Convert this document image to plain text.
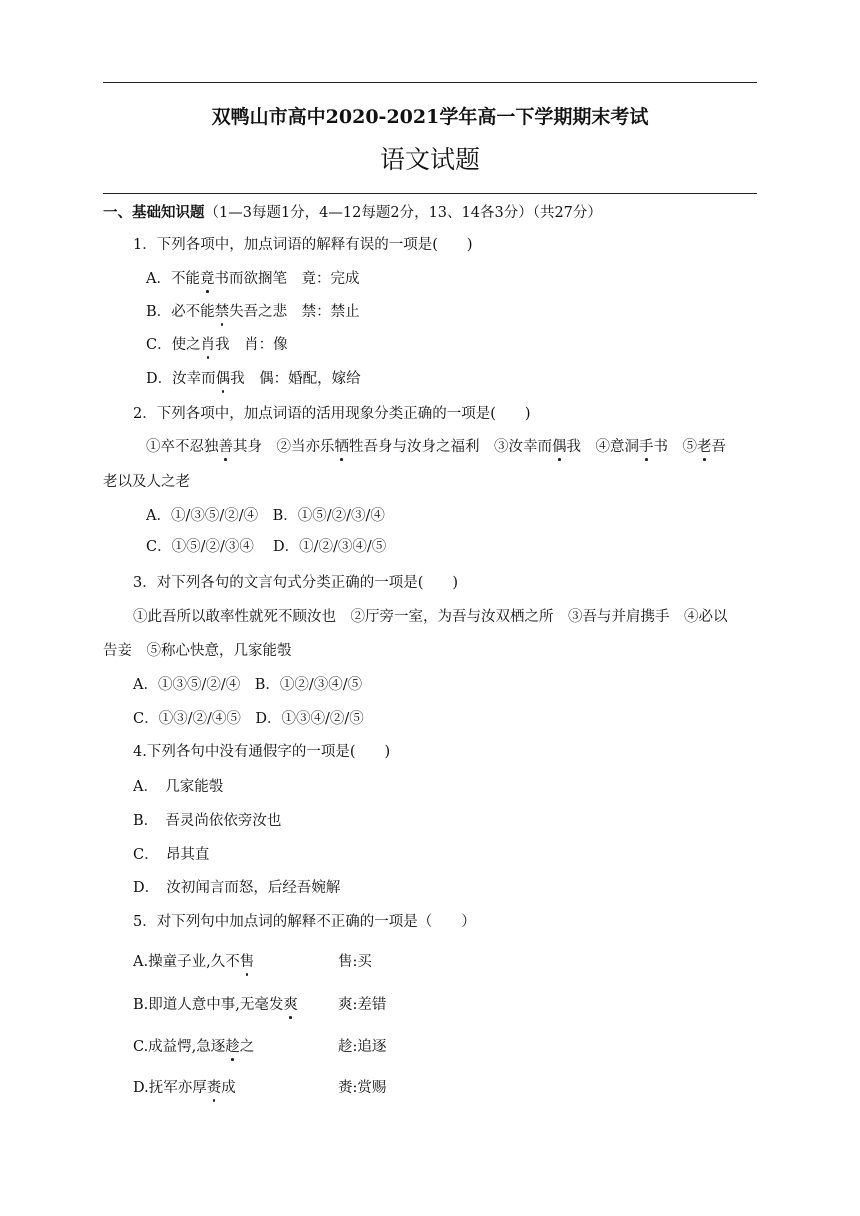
双鸭山市高中2020-2021学年高一下学期期末考试
语文试题
一、基础知识题（1—3每题1分，4—12每题2分，13、14各3分）（共27分）
1．下列各项中，加点词语的解释有误的一项是(　　)
A．不能竟书而欲搁笔　竟：完成
B．必不能禁失吾之悲　禁：禁止
C．使之肖我　肖：像
D．汝幸而偶我　偶：婚配，嫁给
2．下列各项中，加点词语的活用现象分类正确的一项是(　　)
①卒不忍独善其身　②当亦乐牺牲吾身与汝身之福利　③汝幸而偶我　④意洞手书　⑤老吾
老以及人之老
A．①/③⑤/②/④　B．①⑤/②/③/④
C．①⑤/②/③④　 D．①/②/③④/⑤
3．对下列各句的文言句式分类正确的一项是(　　)
①此吾所以敢率性就死不顾汝也　②厅旁一室，为吾与汝双栖之所　③吾与并肩携手　④必以
告妾　⑤称心快意，几家能彀
A．①③⑤/②/④　B．①②/③④/⑤
C．①③/②/④⑤　D．①③④/②/⑤
4.下列各句中没有通假字的一项是(　　)
A．　几家能彀
B．　吾灵尚依依旁汝也
C．　昂其直
D．　汝初闻言而怒，后经吾婉解
5．对下列句中加点词的解释不正确的一项是（　　）
A.操童子业,久不售	售:买
B.即道人意中事,无毫发爽	爽:差错
C.成益愕,急逐趁之	趁:追逐
D.抚军亦厚赉成	赉:赏赐
